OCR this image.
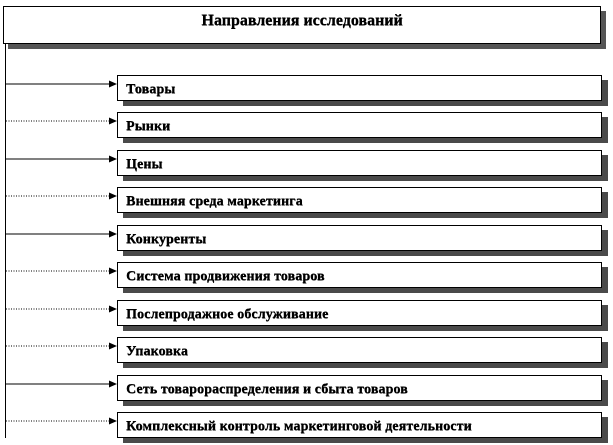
Направления исследований
Товары
Рынки
Цены
Внешняя среда маркетинга
Конкуренты
Система продвижения товаров
Послепродажное обслуживание
Упаковка
Сеть товарораспределения и сбыта товаров
Комплексный контроль маркетинговой деятельности
